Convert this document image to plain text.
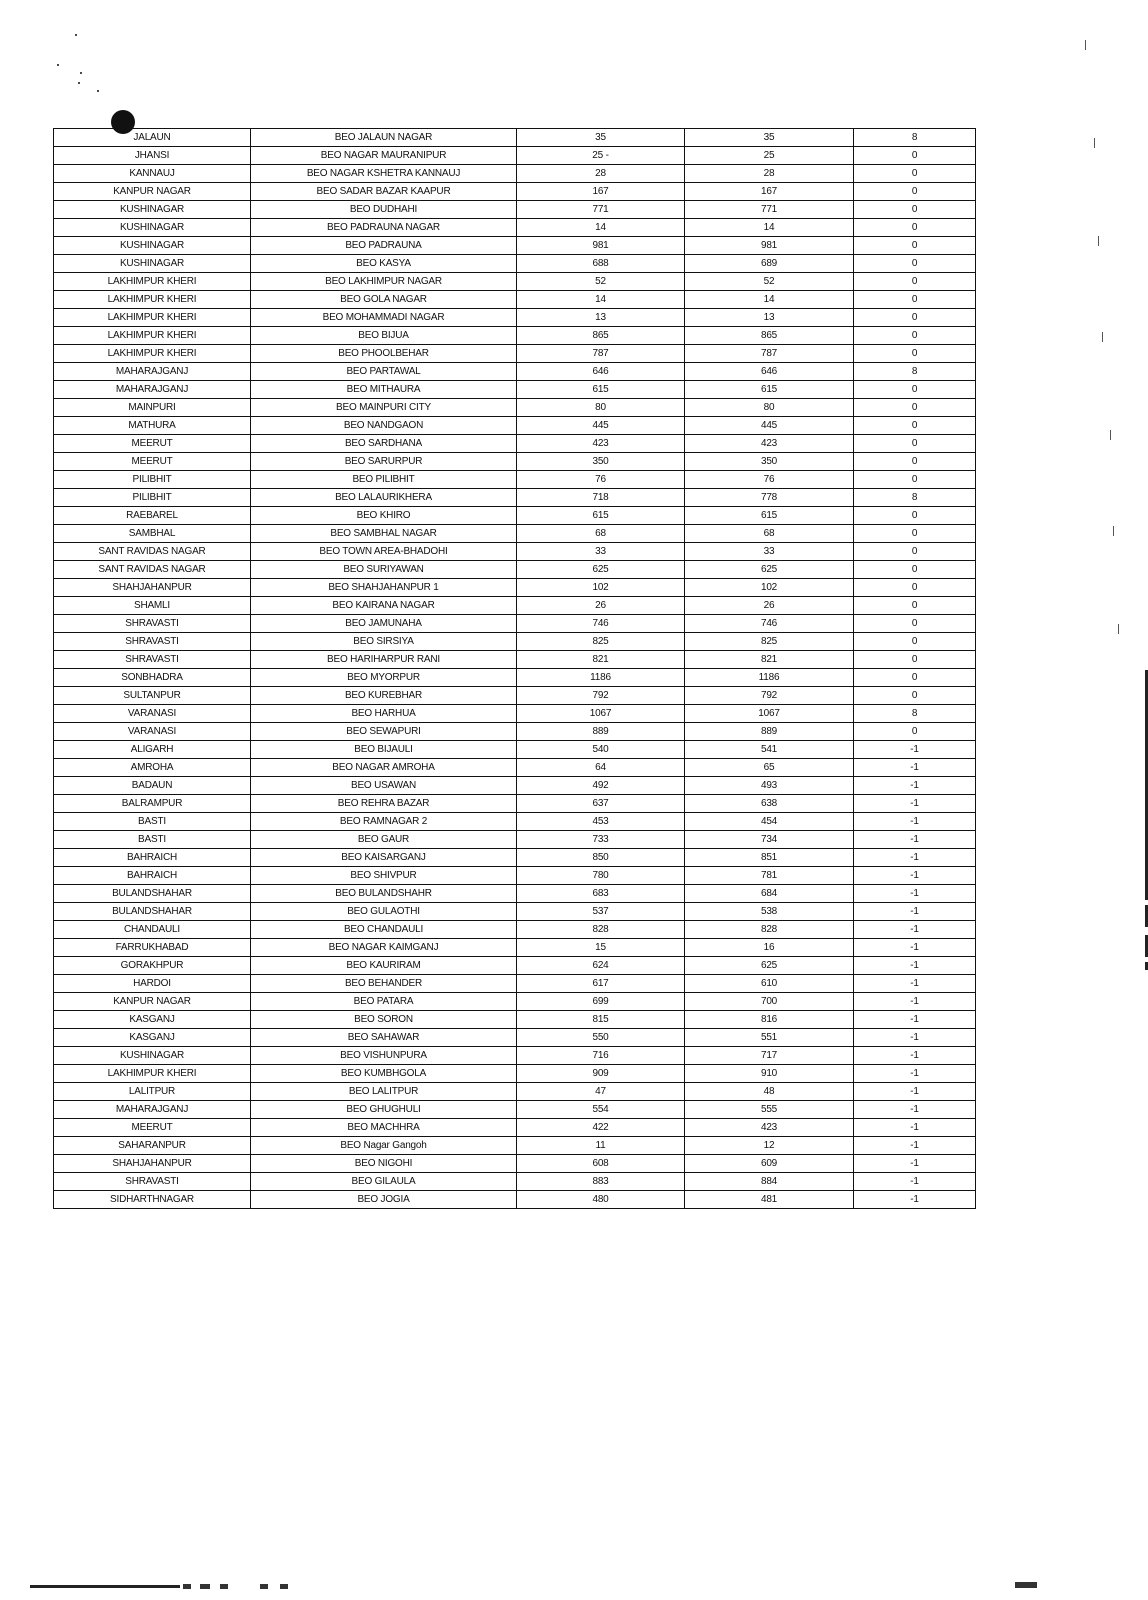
JALAUN	BEO JALAUN NAGAR	35	35	8
JHANSI	BEO NAGAR MAURANIPUR	25 -	25	0
KANNAUJ	BEO NAGAR KSHETRA KANNAUJ	28	28	0
KANPUR NAGAR	BEO SADAR BAZAR KAAPUR	167	167	0
KUSHINAGAR	BEO DUDHAHI	771	771	0
KUSHINAGAR	BEO PADRAUNA NAGAR	14	14	0
KUSHINAGAR	BEO PADRAUNA	981	981	0
KUSHINAGAR	BEO KASYA	688	689	0
LAKHIMPUR KHERI	BEO LAKHIMPUR NAGAR	52	52	0
LAKHIMPUR KHERI	BEO GOLA NAGAR	14	14	0
LAKHIMPUR KHERI	BEO MOHAMMADI NAGAR	13	13	0
LAKHIMPUR KHERI	BEO BIJUA	865	865	0
LAKHIMPUR KHERI	BEO PHOOLBEHAR	787	787	0
MAHARAJGANJ	BEO PARTAWAL	646	646	8
MAHARAJGANJ	BEO MITHAURA	615	615	0
MAINPURI	BEO MAINPURI CITY	80	80	0
MATHURA	BEO NANDGAON	445	445	0
MEERUT	BEO SARDHANA	423	423	0
MEERUT	BEO SARURPUR	350	350	0
PILIBHIT	BEO PILIBHIT	76	76	0
PILIBHIT	BEO LALAURIKHERA	718	778	8
RAEBAREL	BEO KHIRO	615	615	0
SAMBHAL	BEO SAMBHAL NAGAR	68	68	0
SANT RAVIDAS NAGAR	BEO TOWN AREA-BHADOHI	33	33	0
SANT RAVIDAS NAGAR	BEO SURIYAWAN	625	625	0
SHAHJAHANPUR	BEO SHAHJAHANPUR 1	102	102	0
SHAMLI	BEO KAIRANA NAGAR	26	26	0
SHRAVASTI	BEO JAMUNAHA	746	746	0
SHRAVASTI	BEO SIRSIYA	825	825	0
SHRAVASTI	BEO HARIHARPUR RANI	821	821	0
SONBHADRA	BEO MYORPUR	1186	1186	0
SULTANPUR	BEO KUREBHAR	792	792	0
VARANASI	BEO HARHUA	1067	1067	8
VARANASI	BEO SEWAPURI	889	889	0
ALIGARH	BEO BIJAULI	540	541	-1
AMROHA	BEO NAGAR AMROHA	64	65	-1
BADAUN	BEO USAWAN	492	493	-1
BALRAMPUR	BEO REHRA BAZAR	637	638	-1
BASTI	BEO RAMNAGAR 2	453	454	-1
BASTI	BEO GAUR	733	734	-1
BAHRAICH	BEO KAISARGANJ	850	851	-1
BAHRAICH	BEO SHIVPUR	780	781	-1
BULANDSHAHAR	BEO BULANDSHAHR	683	684	-1
BULANDSHAHAR	BEO GULAOTHI	537	538	-1
CHANDAULI	BEO CHANDAULI	828	828	-1
FARRUKHABAD	BEO NAGAR KAIMGANJ	15	16	-1
GORAKHPUR	BEO KAURIRAM	624	625	-1
HARDOI	BEO BEHANDER	617	610	-1
KANPUR NAGAR	BEO PATARA	699	700	-1
KASGANJ	BEO SORON	815	816	-1
KASGANJ	BEO SAHAWAR	550	551	-1
KUSHINAGAR	BEO VISHUNPURA	716	717	-1
LAKHIMPUR KHERI	BEO KUMBHGOLA	909	910	-1
LALITPUR	BEO LALITPUR	47	48	-1
MAHARAJGANJ	BEO GHUGHULI	554	555	-1
MEERUT	BEO MACHHRA	422	423	-1
SAHARANPUR	BEO Nagar Gangoh	11	12	-1
SHAHJAHANPUR	BEO NIGOHI	608	609	-1
SHRAVASTI	BEO GILAULA	883	884	-1
SIDHARTHNAGAR	BEO JOGIA	480	481	-1
